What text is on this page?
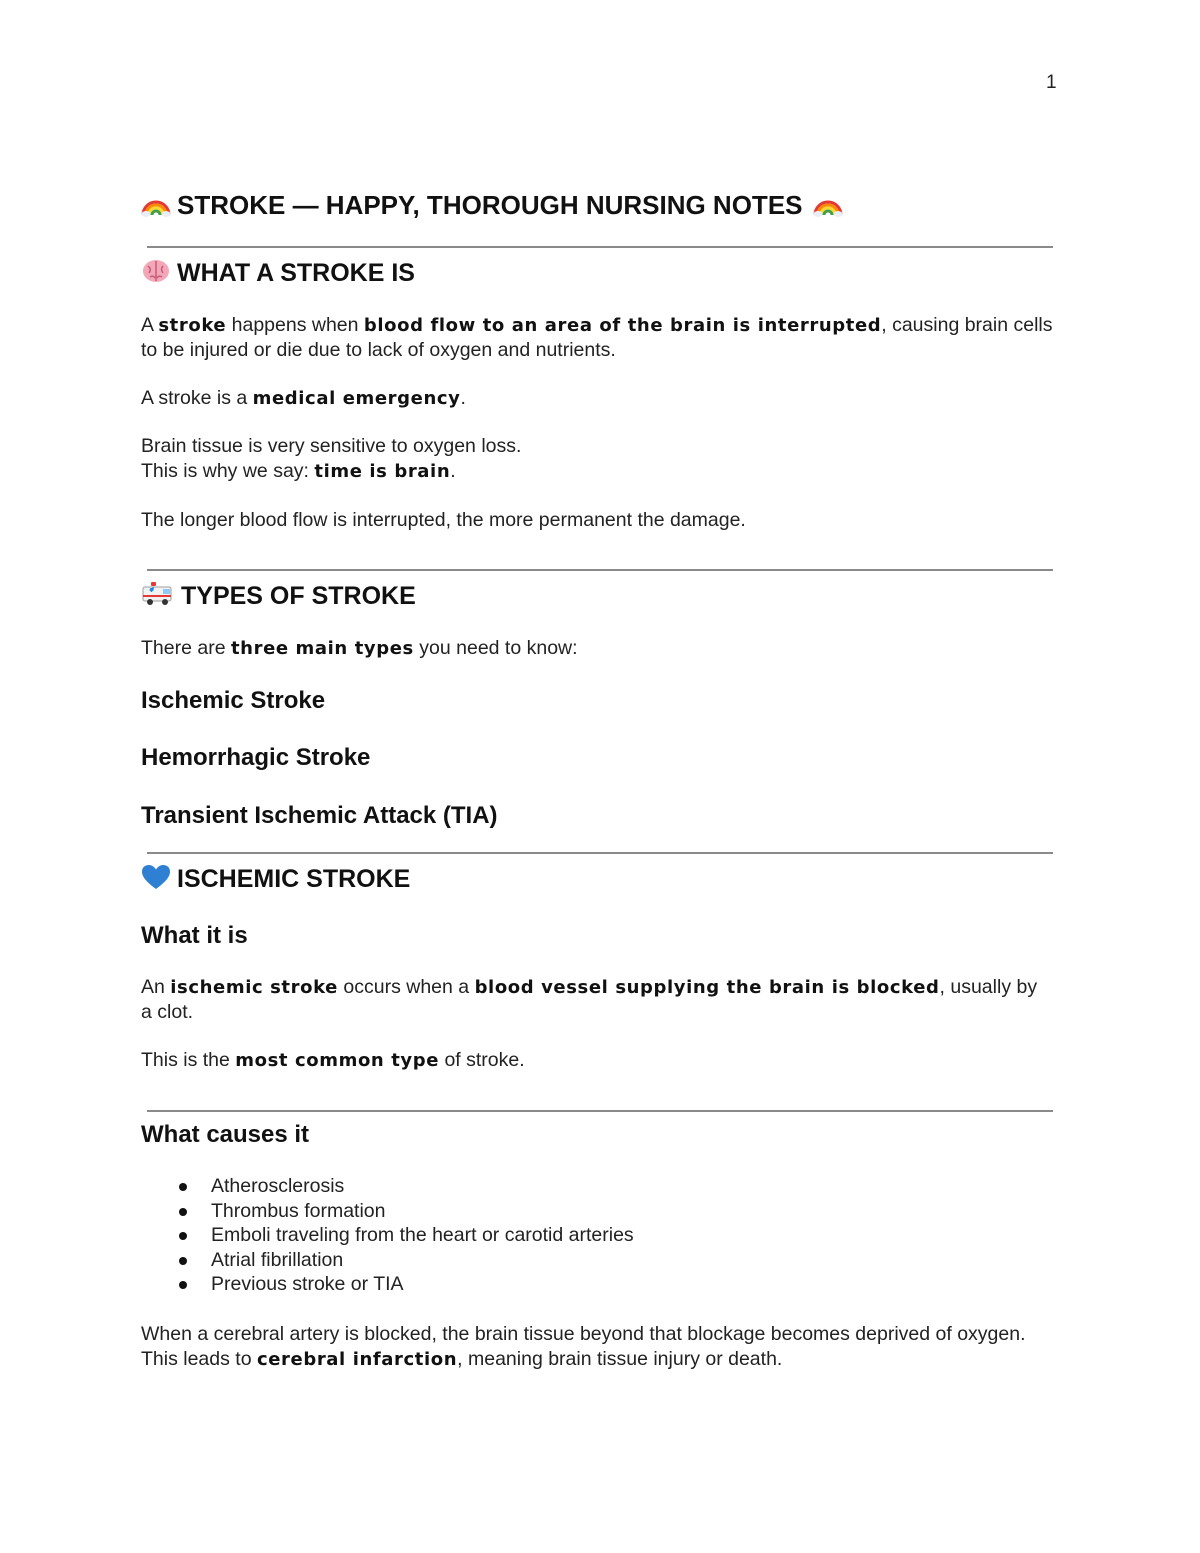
1
STROKE — HAPPY, THOROUGH NURSING NOTES
WHAT A STROKE IS
A stroke happens when blood flow to an area of the brain is interrupted, causing brain cells to be injured or die due to lack of oxygen and nutrients.
A stroke is a medical emergency.
Brain tissue is very sensitive to oxygen loss.
This is why we say: time is brain.
The longer blood flow is interrupted, the more permanent the damage.
TYPES OF STROKE
There are three main types you need to know:
Ischemic Stroke
Hemorrhagic Stroke
Transient Ischemic Attack (TIA)
ISCHEMIC STROKE
What it is
An ischemic stroke occurs when a blood vessel supplying the brain is blocked, usually by a clot.
This is the most common type of stroke.
What causes it
Atherosclerosis
Thrombus formation
Emboli traveling from the heart or carotid arteries
Atrial fibrillation
Previous stroke or TIA
When a cerebral artery is blocked, the brain tissue beyond that blockage becomes deprived of oxygen.
This leads to cerebral infarction, meaning brain tissue injury or death.
